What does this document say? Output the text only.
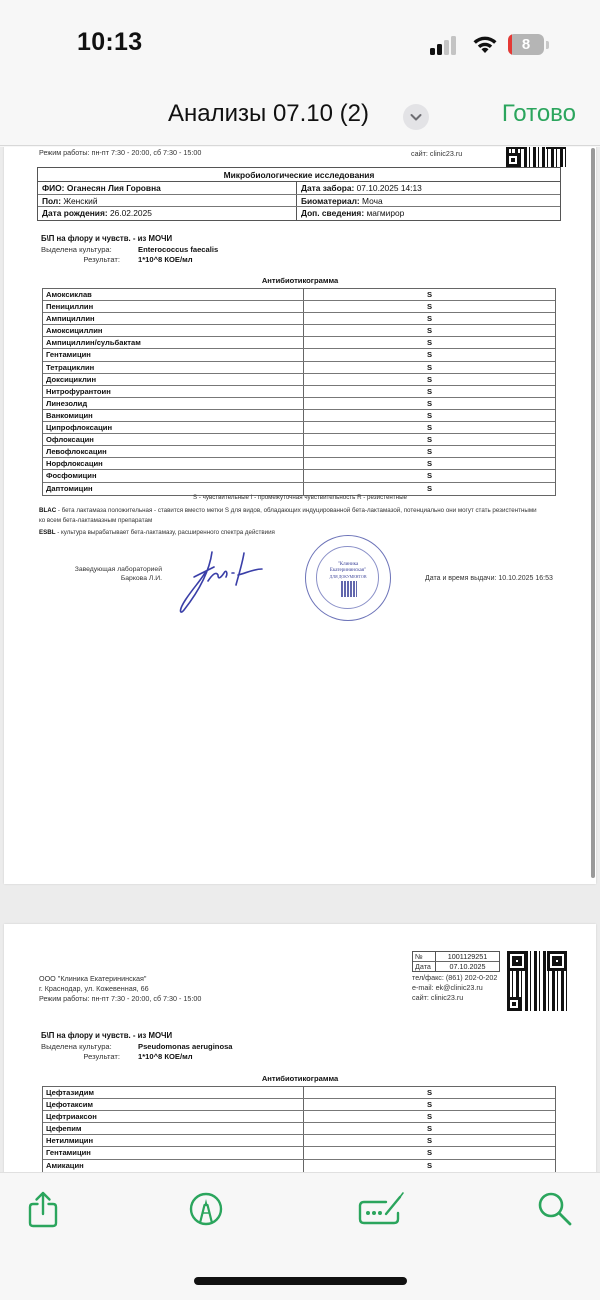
10:13	8
Анализы 07.10 (2)	Готово
Режим работы: пн-пт 7:30 - 20:00, сб 7:30 - 15:00	сайт: clinic23.ru
Микробиологические исследования
ФИО: Оганесян Лия Горовна	Дата забора: 07.10.2025 14:13
Пол: Женский	Биоматериал: Моча
Дата рождения: 26.02.2025	Доп. сведения: магмирор
Б\П на флору и чувств. - из МОЧИ
Выделена культура:	Enterococcus faecalis
Результат:	1*10^8 КОЕ/мл
Антибиотикограмма
Амоксиклав	S
Пенициллин	S
Ампициллин	S
Амоксициллин	S
Ампициллин/сульбактам	S
Гентамицин	S
Тетрациклин	S
Доксициклин	S
Нитрофурантоин	S
Линезолид	S
Ванкомицин	S
Ципрофлоксацин	S
Офлоксацин	S
Левофлоксацин	S
Норфлоксацин	S
Фосфомицин	S
Даптомицин	S
S - чувствительные I - промежуточная чувствительность R - резистентные
BLAC - бета лактамаза положительная - ставится вместо метки S для видов, обладающих индуцированной бета-лактамазой, потенциально они могут стать резистентными ко всем бета-лактамазным препаратам
ESBL - культура вырабатывает бета-лактамазу, расширенного спектра действиия
Заведующая лабораторией
Баркова Л.И.
"Клиника
Екатерининская"
ДЛЯ ДОКУМЕНТОВ	Дата и время выдачи: 10.10.2025 16:53
ООО "Клиника Екатерининская"
г. Краснодар, ул. Кожевенная, 66
Режим работы: пн-пт 7:30 - 20:00, сб 7:30 - 15:00
№	1001129251
Дата	07.10.2025
тел/факс: (861) 202-0-202
e-mail: ek@clinic23.ru
сайт: clinic23.ru
Б\П на флору и чувств. - из МОЧИ
Выделена культура:	Pseudomonas aeruginosa
Результат:	1*10^8 КОЕ/мл
Антибиотикограмма
Цефтазидим	S
Цефотаксим	S
Цефтриаксон	S
Цефепим	S
Нетилмицин	S
Гентамицин	S
Амикацин	S
